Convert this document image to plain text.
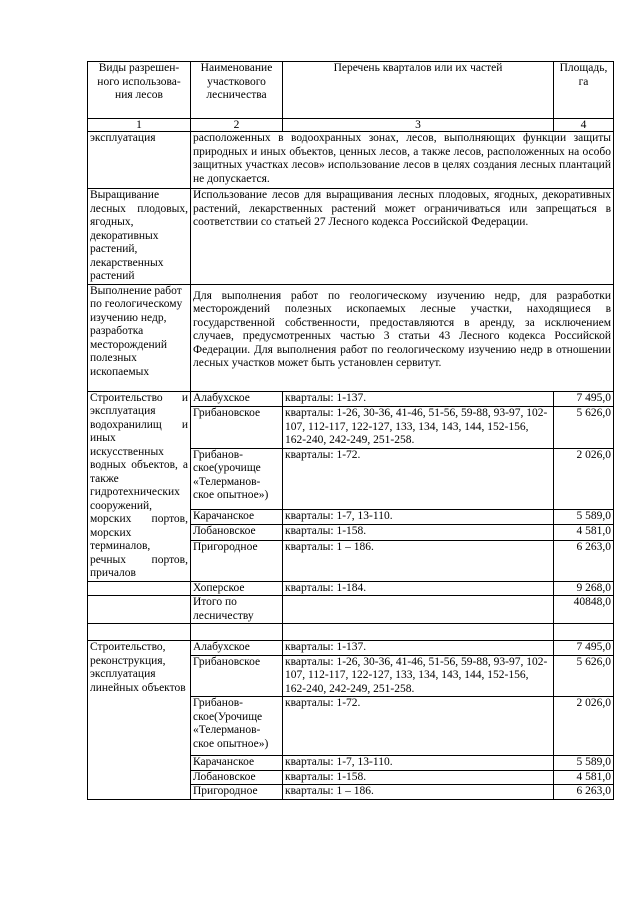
Виды разрешен-ного использова-ния лесов	Наименование участкового лесничества	Перечень кварталов или их частей	Площадь, га
1	2	3	4
эксплуатация	расположенных в водоохранных зонах, лесов, выполняющих функции защиты природных и иных объектов, ценных лесов, а также лесов, расположенных на особо защитных участках лесов» использование лесов в целях создания лесных плантаций не допускается.		
Выращивание лесных плодовых, ягодных, декоративных растений, лекарственных растений	Использование лесов для выращивания лесных плодовых, ягодных, декоративных растений, лекарственных растений может ограничиваться или запрещаться в соответствии со статьей 27 Лесного кодекса Российской Федерации.		
Выполнение работ по геологическому изучению недр, разработка месторождений полезных ископаемых	Для выполнения работ по геологическому изучению недр, для разработки месторождений полезных ископаемых лесные участки, находящиеся в государственной собственности, предоставляются в аренду, за исключением случаев, предусмотренных частью 3 статьи 43 Лесного кодекса Российской Федерации. Для выполнения работ по геологическому изучению недр в отношении лесных участков может быть установлен сервитут.		
Строительство и эксплуатация водохранилищ и иных искусственных водных объектов, а также гидротехнических сооружений, морских портов, морских терминалов, речных портов, причалов	Алабухское	кварталы: 1-137.	7 495,0
	Грибановское	кварталы: 1-26, 30-36, 41-46, 51-56, 59-88, 93-97, 102-107, 112-117, 122-127, 133, 134, 143, 144, 152-156, 162-240, 242-249, 251-258.	5 626,0
	Грибанов-ское(урочище «Телерманов-ское опытное»)	кварталы: 1-72.	2 026,0
	Карачанское	кварталы: 1-7, 13-110.	5 589,0
	Лобановское	кварталы: 1-158.	4 581,0
	Пригородное	кварталы: 1 – 186.	6 263,0
	Хоперское	кварталы: 1-184.	9 268,0
	Итого по лесничеству		40848,0

Строительство, реконструкция, эксплуатация линейных объектов	Алабухское	кварталы: 1-137.	7 495,0
	Грибановское	кварталы: 1-26, 30-36, 41-46, 51-56, 59-88, 93-97, 102-107, 112-117, 122-127, 133, 134, 143, 144, 152-156, 162-240, 242-249, 251-258.	5 626,0
	Грибанов-ское(Урочище «Телерманов-ское опытное»)	кварталы: 1-72.	2 026,0
	Карачанское	кварталы: 1-7, 13-110.	5 589,0
	Лобановское	кварталы: 1-158.	4 581,0
	Пригородное	кварталы: 1 – 186.	6 263,0
